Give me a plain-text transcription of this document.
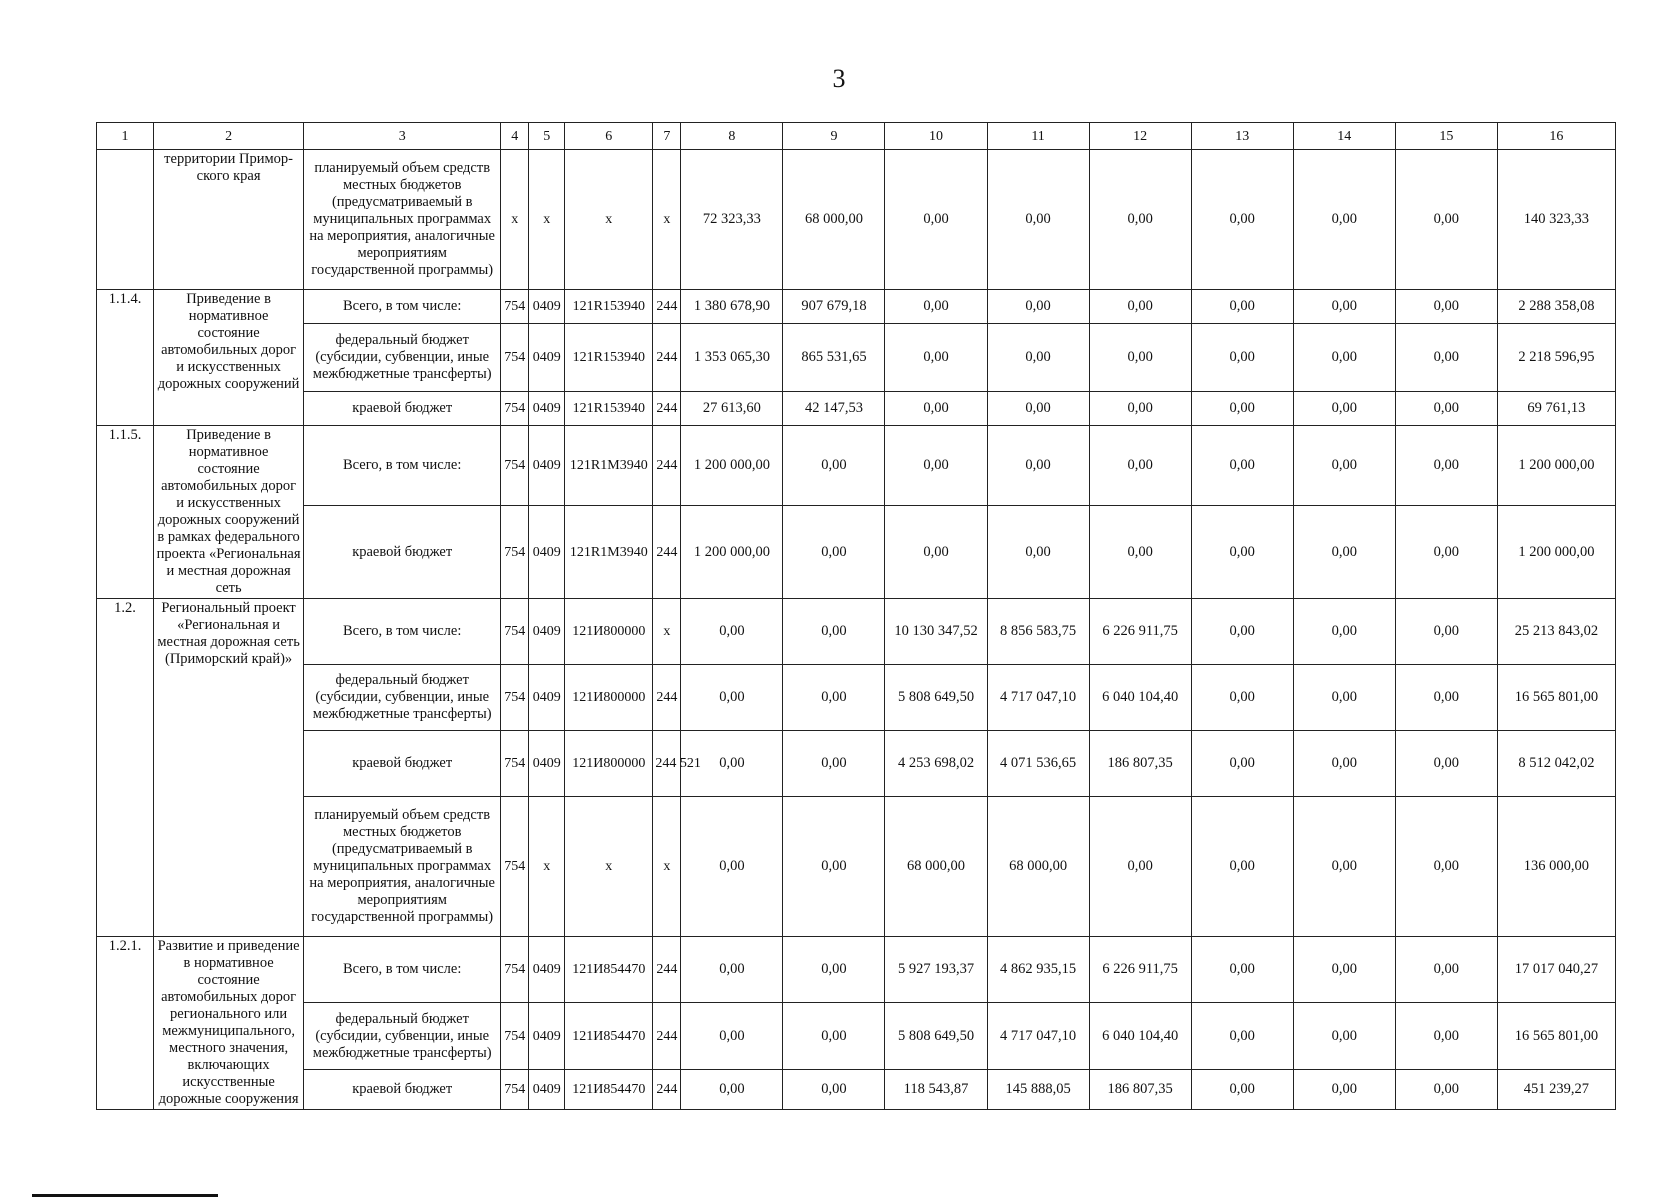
3
1	2	3	4	5	6	7	8	9	10	11	12	13	14	15	16
	территории Примор-ского края	планируемый объем средств местных бюджетов (предусматриваемый в муниципальных программах на мероприятия, аналогичные мероприятиям государственной программы)	x	x	x	x	72 323,33	68 000,00	0,00	0,00	0,00	0,00	0,00	0,00	140 323,33
1.1.4.	Приведение в нормативное состояние автомобильных дорог и искусственных дорожных сооружений	Всего, в том числе:	754	0409	121R153940	244	1 380 678,90	907 679,18	0,00	0,00	0,00	0,00	0,00	0,00	2 288 358,08
		федеральный бюджет (субсидии, субвенции, иные межбюджетные трансферты)	754	0409	121R153940	244	1 353 065,30	865 531,65	0,00	0,00	0,00	0,00	0,00	0,00	2 218 596,95
		краевой бюджет	754	0409	121R153940	244	27 613,60	42 147,53	0,00	0,00	0,00	0,00	0,00	0,00	69 761,13
1.1.5.	Приведение в нормативное состояние автомобильных дорог и искусственных дорожных сооружений в рамках федерального проекта «Региональная и местная дорожная сеть	Всего, в том числе:	754	0409	121R1M3940	244	1 200 000,00	0,00	0,00	0,00	0,00	0,00	0,00	0,00	1 200 000,00
		краевой бюджет	754	0409	121R1M3940	244	1 200 000,00	0,00	0,00	0,00	0,00	0,00	0,00	0,00	1 200 000,00
1.2.	Региональный проект «Региональная и местная дорожная сеть (Приморский край)»	Всего, в том числе:	754	0409	121И800000	x	0,00	0,00	10 130 347,52	8 856 583,75	6 226 911,75	0,00	0,00	0,00	25 213 843,02
		федеральный бюджет (субсидии, субвенции, иные межбюджетные трансферты)	754	0409	121И800000	244	0,00	0,00	5 808 649,50	4 717 047,10	6 040 104,40	0,00	0,00	0,00	16 565 801,00
		краевой бюджет	754	0409	121И800000	244 521	0,00	0,00	4 253 698,02	4 071 536,65	186 807,35	0,00	0,00	0,00	8 512 042,02
		планируемый объем средств местных бюджетов (предусматриваемый в муниципальных программах на мероприятия, аналогичные мероприятиям государственной программы)	754	x	x	x	0,00	0,00	68 000,00	68 000,00	0,00	0,00	0,00	0,00	136 000,00
1.2.1.	Развитие и приведение в нормативное состояние автомобильных дорог регионального или межмуниципального, местного значения, включающих искусственные дорожные сооружения	Всего, в том числе:	754	0409	121И854470	244	0,00	0,00	5 927 193,37	4 862 935,15	6 226 911,75	0,00	0,00	0,00	17 017 040,27
		федеральный бюджет (субсидии, субвенции, иные межбюджетные трансферты)	754	0409	121И854470	244	0,00	0,00	5 808 649,50	4 717 047,10	6 040 104,40	0,00	0,00	0,00	16 565 801,00
		краевой бюджет	754	0409	121И854470	244	0,00	0,00	118 543,87	145 888,05	186 807,35	0,00	0,00	0,00	451 239,27
